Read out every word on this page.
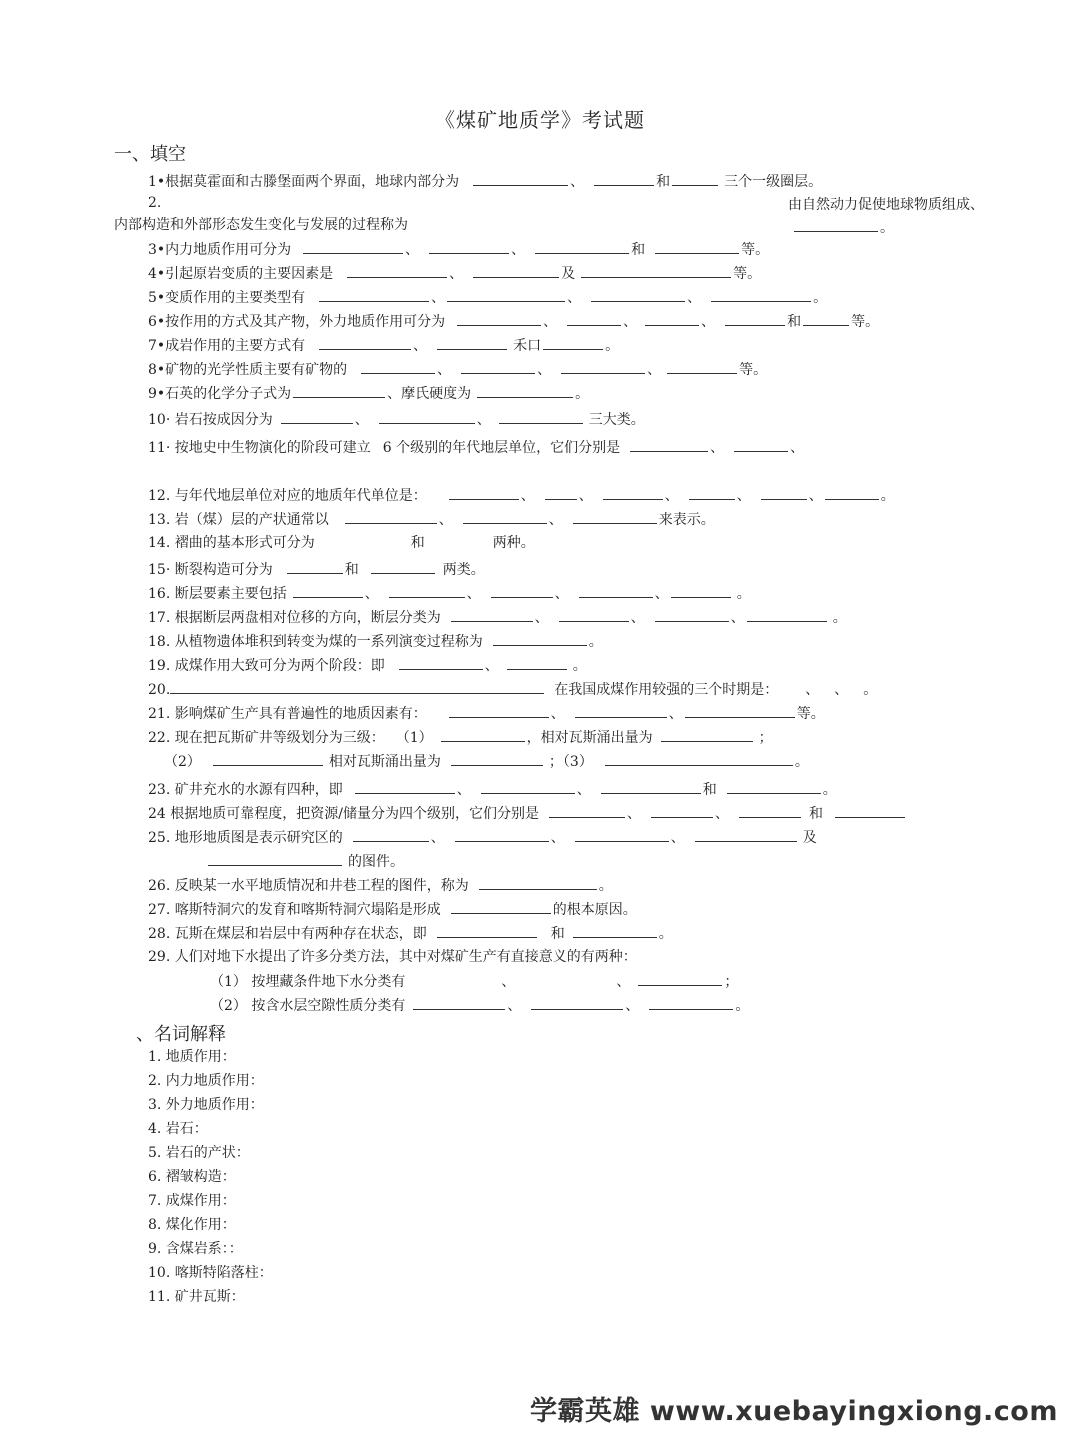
《煤矿地质学》考试题
一、填空
1•根据莫霍面和古滕堡面两个界面，地球内部分为	、	和	三个一级圈层。
2.	由自然动力促使地球物质组成、
内部构造和外部形态发生变化与发展的过程称为	。
3•内力地质作用可分为	、	、	和	等。
4•引起原岩变质的主要因素是	、	及	等。
5•变质作用的主要类型有	、	、	、	。
6•按作用的方式及其产物，外力地质作用可分为	、	、	、	和	等。
7•成岩作用的主要方式有	、	禾口	。
8•矿物的光学性质主要有矿物的	、	、	、	等。
9•石英的化学分子式为	、摩氏硬度为	。
10· 岩石按成因分为	、	、	三大类。
11· 按地史中生物演化的阶段可建立 6 个级别的年代地层单位，它们分别是	、	、
12. 与年代地层单位对应的地质年代单位是：	、	、	、	、	、	。
13. 岩（煤）层的产状通常以	、	、	来表示。
14. 褶曲的基本形式可分为	和	两种。
15· 断裂构造可分为	和	两类。
16. 断层要素主要包括	、	、	、	、	。
17. 根据断层两盘相对位移的方向，断层分类为	、	、	、	。
18. 从植物遗体堆积到转变为煤的一系列演变过程称为	。
19. 成煤作用大致可分为两个阶段：即	、	。
20.	在我国成煤作用较强的三个时期是： 、 、 。
21. 影响煤矿生产具有普遍性的地质因素有：	、	、	等。
22. 现在把瓦斯矿井等级划分为三级： （1）	，相对瓦斯涌出量为	；
（2）	相对瓦斯涌出量为	；（3）	。
23. 矿井充水的水源有四种，即	、	、	和	。
24 根据地质可靠程度，把资源/储量分为四个级别，它们分别是	、	、	和
25. 地形地质图是表示研究区的	、	、	、	及
的图件。
26. 反映某一水平地质情况和井巷工程的图件，称为	。
27. 喀斯特洞穴的发育和喀斯特洞穴塌陷是形成	的根本原因。
28. 瓦斯在煤层和岩层中有两种存在状态，即	和	。
29. 人们对地下水提出了许多分类方法，其中对煤矿生产有直接意义的有两种：
（1） 按埋藏条件地下水分类有	、	、	；
（2） 按含水层空隙性质分类有	、	、	。
、名词解释
1. 地质作用：
2. 内力地质作用：
3. 外力地质作用：
4. 岩石：
5. 岩石的产状：
6. 褶皱构造：
7. 成煤作用：
8. 煤化作用：
9. 含煤岩系：：
10. 喀斯特陷落柱：
11. 矿井瓦斯：
学霸英雄 www.xuebayingxiong.com
